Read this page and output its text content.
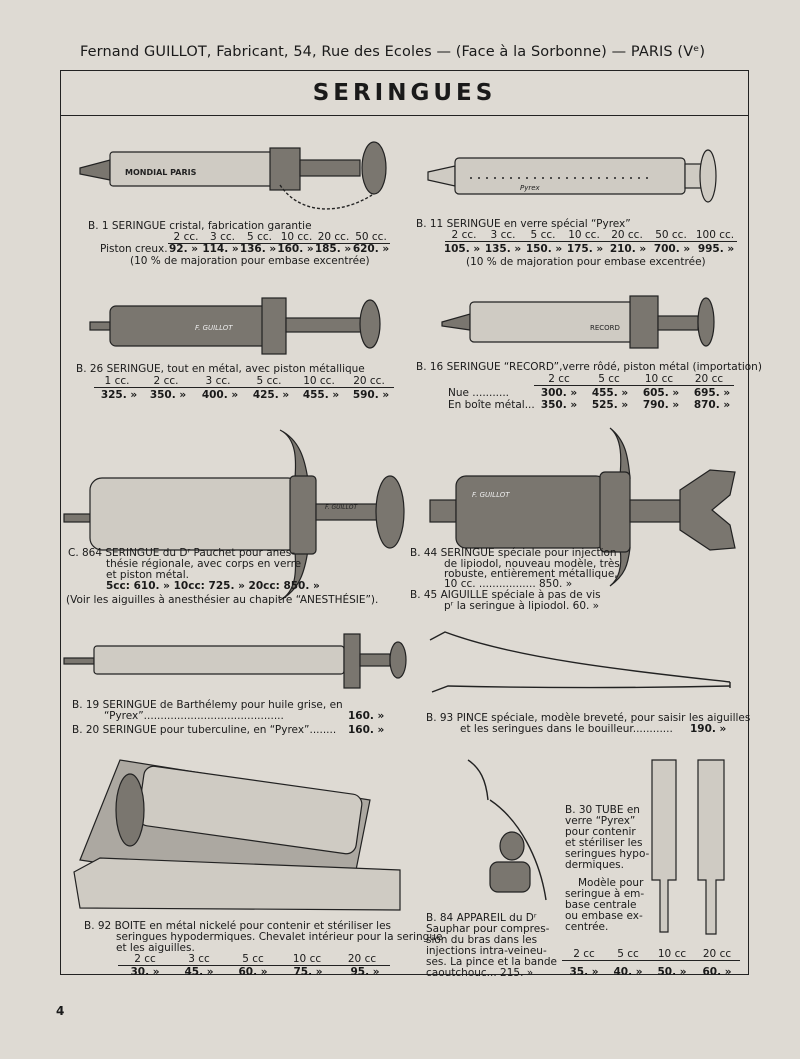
Fernand GUILLOT, Fabricant, 54, Rue des Ecoles — (Face à la Sorbonne) — PARIS (Vᵉ)
SERINGUES
MONDIAL PARIS
Pyrex
F. GUILLOT	RECORD
F. GUILLOT
F. GUILLOT
B. 1 SERINGUE cristal, fabrication garantie
2 cc.	3 cc.	5 cc. 10 cc. 20 cc. 50 cc.
Piston creux. 92. » 114. » 136. » 160. » 185. » 620. »
(10 % de majoration pour embase excentrée)
B. 11 SERINGUE en verre spécial “Pyrex”
2 cc.	3 cc.	5 cc.	10 cc.	20 cc.	50 cc. 100 cc.
105. » 135. » 150. » 175. » 210. » 700. » 995. »
(10 % de majoration pour embase excentrée)
B. 26 SERINGUE, tout en métal, avec piston métallique
1 cc.	2 cc.	3 cc.	5 cc.	10 cc.	20 cc.
325. »	350. »	400. »	425. »	455. »	590. »
B. 16 SERINGUE “RECORD”,verre rôdé, piston métal (importation)
2 cc	5 cc	10 cc	20 cc
Nue ...........	300. »	455. »	605. »	695. »
En boîte métal... 350. »	525. »	790. »	870. »
C. 864 SERINGUE du Dʳ Pauchet pour anes-
thésie régionale, avec corps en verre
et piston métal.
5cc: 610. » 10cc: 725. » 20cc: 850. »
(Voir les aiguilles à anesthésier au chapitre “ANESTHÉSIE”).
B. 44 SERINGUE spéciale pour injection
de lipiodol, nouveau modèle, très
robuste, entièrement métallique,
10 cc. ................. 850. »
B. 45 AIGUILLE spéciale à pas de vis
pʳ la seringue à lipiodol. 60. »
B. 19 SERINGUE de Barthélemy pour huile grise, en
“Pyrex”..........................................	160. »
B. 20 SERINGUE pour tuberculine, en “Pyrex”........ 160. »
B. 93 PINCE spéciale, modèle breveté, pour saisir les aiguilles
et les seringues dans le bouilleur............ 190. »
B. 92 BOITE en métal nickelé pour contenir et stériliser les
seringues hypodermiques. Chevalet intérieur pour la seringue
et les aiguilles.
2 cc	3 cc	5 cc	10 cc	20 cc
30. »	45. »	60. »	75. »	95. »
B. 84 APPAREIL du Dʳ
Sauphar pour compres-
sion du bras dans les
injections intra-veineu-
ses. La pince et la bande
caoutchouc... 215. »
B. 30 TUBE en
verre “Pyrex”
pour contenir
et stériliser les
seringues hypo-
dermiques.
Modèle pour
seringue à em-
base centrale
ou embase ex-
centrée.
2 cc	5 cc	10 cc	20 cc
35. »	40. »	50. »	60. »
4
